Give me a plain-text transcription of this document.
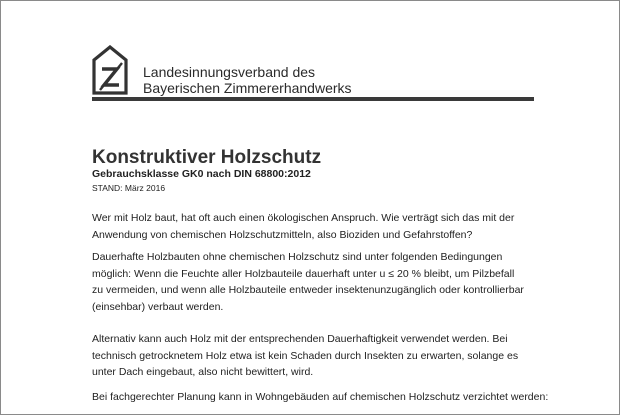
Landesinnungsverband des
Bayerischen Zimmererhandwerks
Konstruktiver Holzschutz
Gebrauchsklasse GK0 nach DIN 68800:2012
STAND: März 2016
Wer mit Holz baut, hat oft auch einen ökologischen Anspruch. Wie verträgt sich das mit der
Anwendung von chemischen Holzschutzmitteln, also Bioziden und Gefahrstoffen?
Dauerhafte Holzbauten ohne chemischen Holzschutz sind unter folgenden Bedingungen
möglich: Wenn die Feuchte aller Holzbauteile dauerhaft unter u ≤ 20 % bleibt, um Pilzbefall
zu vermeiden, und wenn alle Holzbauteile entweder insektenunzugänglich oder kontrollierbar
(einsehbar) verbaut werden.
Alternativ kann auch Holz mit der entsprechenden Dauerhaftigkeit verwendet werden. Bei
technisch getrocknetem Holz etwa ist kein Schaden durch Insekten zu erwarten, solange es
unter Dach eingebaut, also nicht bewittert, wird.
Bei fachgerechter Planung kann in Wohngebäuden auf chemischen Holzschutz verzichtet werden:
